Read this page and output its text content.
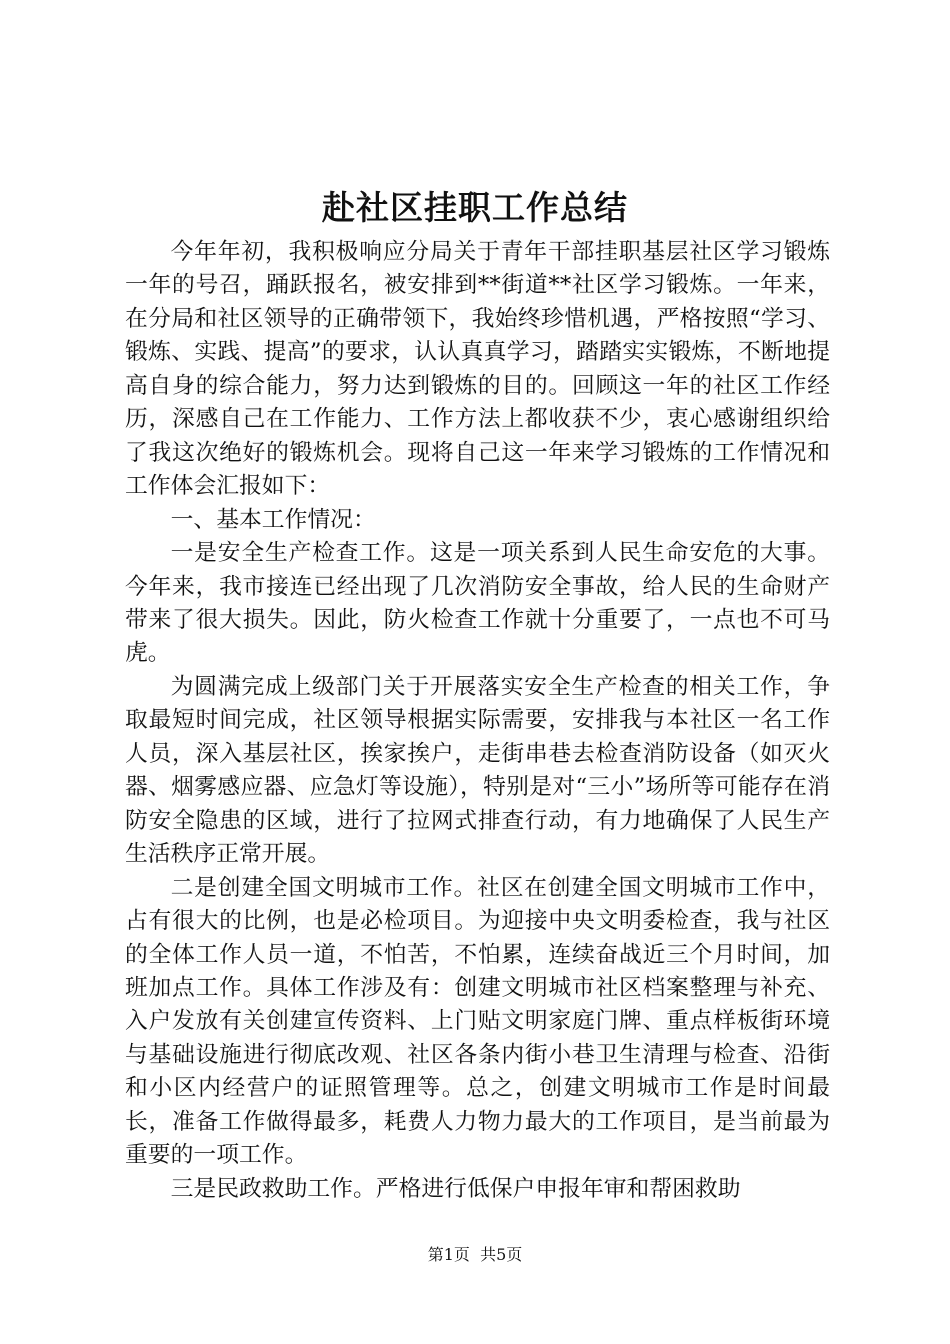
赴社区挂职工作总结

今年年初，我积极响应分局关于青年干部挂职基层社区学习锻炼一年的号召，踊跃报名，被安排到**街道**社区学习锻炼。一年来，在分局和社区领导的正确带领下，我始终珍惜机遇，严格按照“学习、锻炼、实践、提高”的要求，认认真真学习，踏踏实实锻炼，不断地提高自身的综合能力，努力达到锻炼的目的。回顾这一年的社区工作经历，深感自己在工作能力、工作方法上都收获不少，衷心感谢组织给了我这次绝好的锻炼机会。现将自己这一年来学习锻炼的工作情况和工作体会汇报如下：

一、基本工作情况：

一是安全生产检查工作。这是一项关系到人民生命安危的大事。今年来，我市接连已经出现了几次消防安全事故，给人民的生命财产带来了很大损失。因此，防火检查工作就十分重要了，一点也不可马虎。

为圆满完成上级部门关于开展落实安全生产检查的相关工作，争取最短时间完成，社区领导根据实际需要，安排我与本社区一名工作人员，深入基层社区，挨家挨户，走街串巷去检查消防设备（如灭火器、烟雾感应器、应急灯等设施），特别是对“三小”场所等可能存在消防安全隐患的区域，进行了拉网式排查行动，有力地确保了人民生产生活秩序正常开展。

二是创建全国文明城市工作。社区在创建全国文明城市工作中，占有很大的比例，也是必检项目。为迎接中央文明委检查，我与社区的全体工作人员一道，不怕苦，不怕累，连续奋战近三个月时间，加班加点工作。具体工作涉及有：创建文明城市社区档案整理与补充、入户发放有关创建宣传资料、上门贴文明家庭门牌、重点样板街环境与基础设施进行彻底改观、社区各条内街小巷卫生清理与检查、沿街和小区内经营户的证照管理等。总之，创建文明城市工作是时间最长，准备工作做得最多，耗费人力物力最大的工作项目，是当前最为重要的一项工作。

三是民政救助工作。严格进行低保户申报年审和帮困救助

第1页 共5页
